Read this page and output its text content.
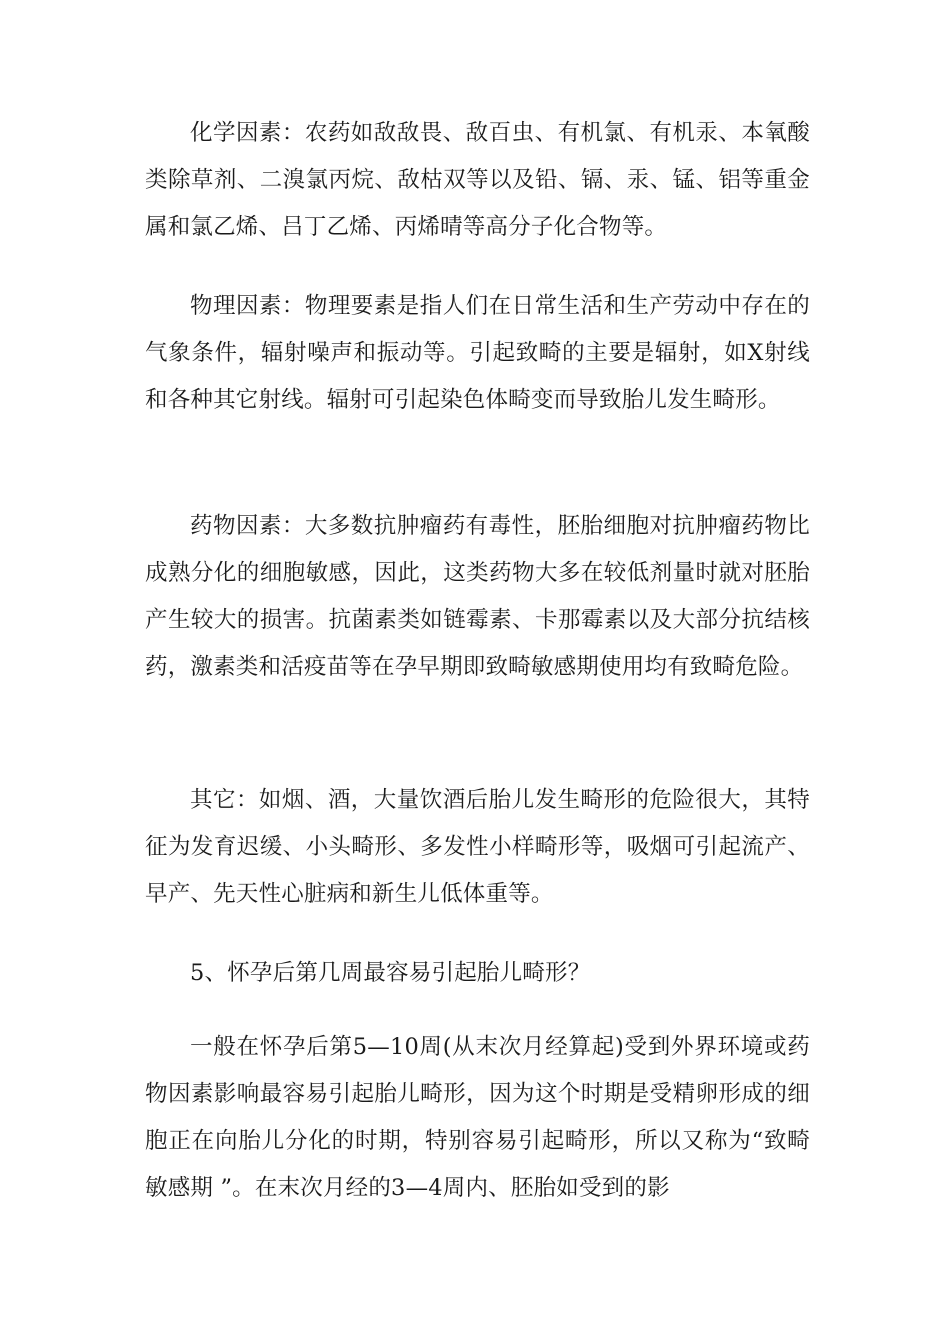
化学因素：农药如敌敌畏、敌百虫、有机氯、有机汞、本氧酸类除草剂、二溴氯丙烷、敌枯双等以及铅、镉、汞、锰、铝等重金属和氯乙烯、吕丁乙烯、丙烯晴等高分子化合物等。

物理因素：物理要素是指人们在日常生活和生产劳动中存在的气象条件，辐射噪声和振动等。引起致畸的主要是辐射，如X射线和各种其它射线。辐射可引起染色体畸变而导致胎儿发生畸形。

药物因素：大多数抗肿瘤药有毒性，胚胎细胞对抗肿瘤药物比成熟分化的细胞敏感，因此，这类药物大多在较低剂量时就对胚胎产生较大的损害。抗菌素类如链霉素、卡那霉素以及大部分抗结核药，激素类和活疫苗等在孕早期即致畸敏感期使用均有致畸危险。

其它：如烟、酒，大量饮酒后胎儿发生畸形的危险很大，其特征为发育迟缓、小头畸形、多发性小样畸形等，吸烟可引起流产、早产、先天性心脏病和新生儿低体重等。

5、怀孕后第几周最容易引起胎儿畸形？

一般在怀孕后第5—10周(从末次月经算起)受到外界环境或药物因素影响最容易引起胎儿畸形，因为这个时期是受精卵形成的细胞正在向胎儿分化的时期，特别容易引起畸形，所以又称为“致畸敏感期 ”。在末次月经的3—4周内、胚胎如受到的影
